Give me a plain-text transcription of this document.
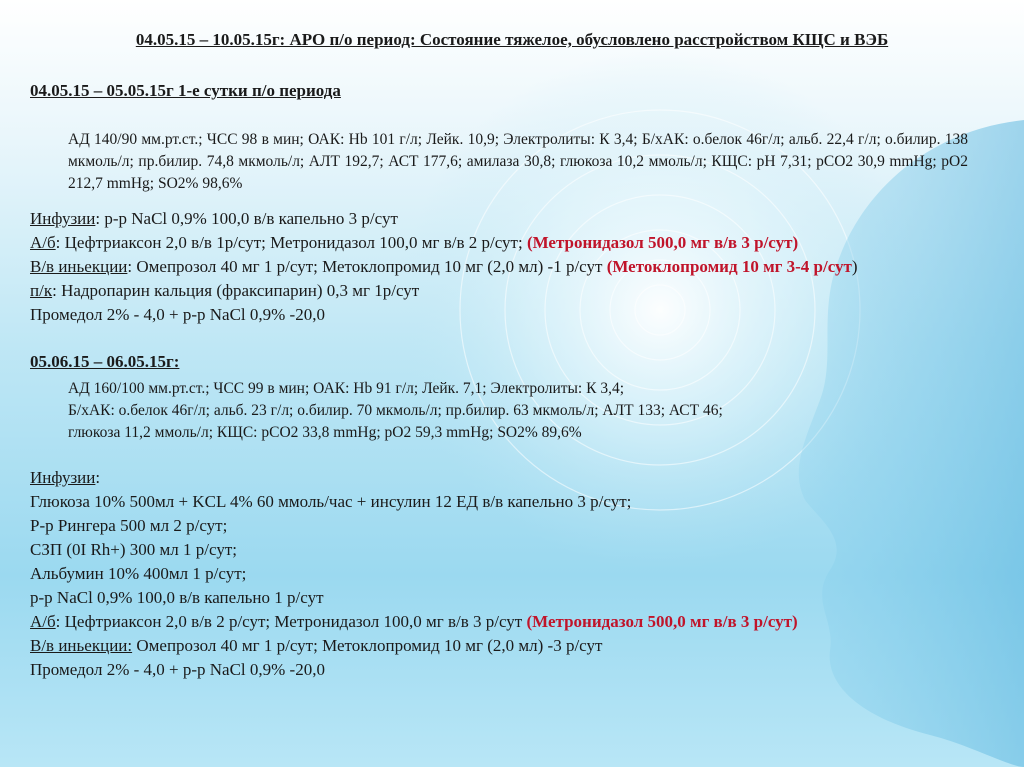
04.05.15 – 10.05.15г: АРО п/о период: Состояние тяжелое, обусловлено расстройством КЩС и ВЭБ
04.05.15 – 05.05.15г 1-е сутки п/о периода
АД 140/90 мм.рт.ст.; ЧСС 98 в мин; ОАК: Hb 101 г/л; Лейк. 10,9; Электролиты: К 3,4; Б/хАК: о.белок 46г/л; альб. 22,4 г/л; о.билир. 138 мкмоль/л; пр.билир. 74,8 мкмоль/л; АЛТ 192,7; АСТ 177,6; амилаза 30,8; глюкоза 10,2 ммоль/л; КЩС: рН 7,31; рСО2 30,9 mmHg; рО2 212,7 mmHg; SO2% 98,6%
Инфузии: р-р NaCl 0,9% 100,0 в/в капельно 3 р/сут
А/б: Цефтриаксон 2,0 в/в 1р/сут; Метронидазол 100,0 мг в/в 2 р/сут; (Метронидазол 500,0 мг в/в 3 р/сут)
В/в иньекции: Омепрозол 40 мг 1 р/сут; Метоклопромид 10 мг (2,0 мл) -1 р/сут (Метоклопромид 10 мг 3-4 р/сут)
п/к: Надропарин кальция (фраксипарин) 0,3 мг 1р/сут
Промедол 2% - 4,0 + р-р NaCl 0,9% -20,0
05.06.15 – 06.05.15г:
АД 160/100 мм.рт.ст.; ЧСС 99 в мин; ОАК: Hb 91 г/л; Лейк. 7,1; Электролиты: К 3,4;
Б/хАК: о.белок 46г/л; альб. 23 г/л; о.билир. 70 мкмоль/л; пр.билир. 63 мкмоль/л; АЛТ 133; АСТ 46;
глюкоза 11,2 ммоль/л; КЩС: рСО2 33,8 mmHg; рО2 59,3 mmHg; SO2% 89,6%
Инфузии:
Глюкоза 10% 500мл + KCL 4% 60 ммоль/час + инсулин 12 ЕД в/в капельно 3 р/сут;
Р-р Рингера 500 мл 2 р/сут;
СЗП (0I Rh+) 300 мл 1 р/сут;
Альбумин 10% 400мл 1 р/сут;
р-р NaCl 0,9% 100,0 в/в капельно 1 р/сут
А/б: Цефтриаксон 2,0 в/в 2 р/сут; Метронидазол 100,0 мг в/в 3 р/сут (Метронидазол 500,0 мг в/в 3 р/сут)
В/в иньекции: Омепрозол 40 мг 1 р/сут; Метоклопромид 10 мг (2,0 мл) -3 р/сут
Промедол 2% - 4,0 + р-р NaCl 0,9% -20,0
